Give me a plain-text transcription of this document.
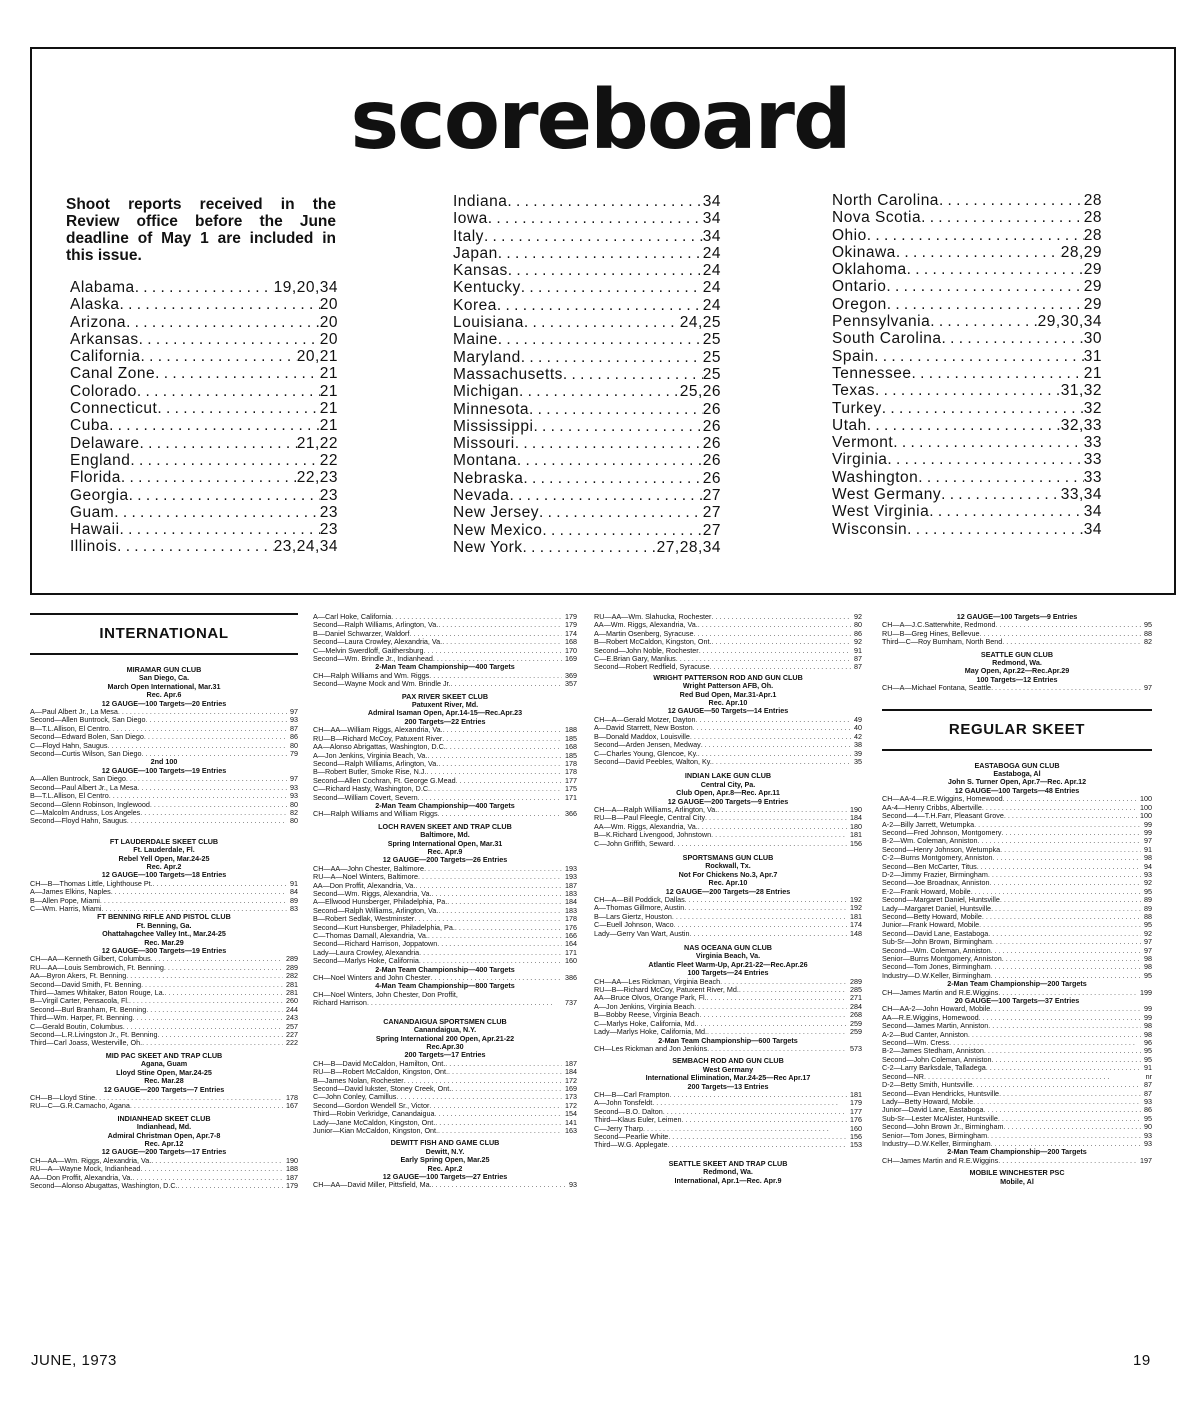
scoreboard
Shoot reports received in the Review office before the June deadline of May 1 are included in this issue.
Alabama . . .	19,20,34
Alaska . . .	20
Arizona . . .	20
Arkansas . . .	20
California . . .	20,21
Canal Zone . . .	21
Colorado . . .	21
Connecticut . . .	21
Cuba . . .	21
Delaware . . .	21,22
England . . .	22
Florida . . .	22,23
Georgia . . .	23
Guam . . .	23
Hawaii . . .	23
Illinois . . .	23,24,34
Indiana . . .	34
Iowa . . .	34
Italy . . .	34
Japan . . .	24
Kansas . . .	24
Kentucky . . .	24
Korea . . .	24
Louisiana . . .	24,25
Maine . . .	25
Maryland . . .	25
Massachusetts . . .	25
Michigan . . .	25,26
Minnesota . . .	26
Mississippi . . .	26
Missouri . . .	26
Montana . . .	26
Nebraska . . .	26
Nevada . . .	27
New Jersey . . .	27
New Mexico . . .	27
New York . . .	27,28,34
North Carolina . . .	28
Nova Scotia . . .	28
Ohio . . .	28
Okinawa . . .	28,29
Oklahoma . . .	29
Ontario . . .	29
Oregon . . .	29
Pennsylvania . . .	29,30,34
South Carolina . . .	30
Spain . . .	31
Tennessee . . .	21
Texas . . .	31,32
Turkey . . .	32
Utah . . .	32,33
Vermont . . .	33
Virginia . . .	33
Washington . . .	33
West Germany . . .	33,34
West Virginia . . .	34
Wisconsin . . .	34
INTERNATIONAL
MIRAMAR GUN CLUB
San Diego, Ca.
March Open International, Mar.31
Rec. Apr.6
12 GAUGE—100 Targets—20 Entries
A—Paul Albert Jr., La Mesa . . .	97
Second—Allen Buntrock, San Diego . . .	93
B—T.L.Allison, El Centro . . .	87
Second—Edward Bolen, San Diego . . .	86
C—Floyd Hahn, Saugus . . .	80
Second—Curtis Wilson, San Diego . . .	79
2nd 100
12 GAUGE—100 Targets—19 Entries
A—Allen Buntrock, San Diego . . .	97
Second—Paul Albert Jr., La Mesa . . .	93
B—T.L.Allison, El Centro . . .	93
Second—Glenn Robinson, Inglewood . . .	80
C—Malcolm Andruss, Los Angeles . . .	82
Second—Floyd Hahn, Saugus . . .	80
FT LAUDERDALE SKEET CLUB
Ft. Lauderdale, Fl.
Rebel Yell Open, Mar.24-25
Rec. Apr.2
12 GAUGE—100 Targets—18 Entries
CH—B—Thomas Little, Lighthouse Pt. . . .	91
A—James Elkins, Naples . . .	84
B—Allen Pope, Miami . . .	89
C—Wm. Harris, Miami . . .	83
FT BENNING RIFLE AND PISTOL CLUB
Ft. Benning, Ga.
Ohattahagchee Valley Int., Mar.24-25
Rec. Mar.29
12 GAUGE—300 Targets—19 Entries
CH—AA—Kenneth Gilbert, Columbus . . .	289
RU—AA—Louis Sembrowich, Ft. Benning . . .	289
AA—Byron Akers, Ft. Benning . . .	282
Second—David Smith, Ft. Benning . . .	281
Third—James Whitaker, Baton Rouge, La. . . .	281
B—Virgil Carter, Pensacola, Fl. . . .	260
Second—Burl Branham, Ft. Benning . . .	244
Third—Wm. Harper, Ft. Benning . . .	243
C—Gerald Boutin, Columbus . . .	257
Second—L.R.Livingston Jr., Ft. Benning . . .	227
Third—Carl Joass, Westerville, Oh. . . .	222
MID PAC SKEET AND TRAP CLUB
Agana, Guam
Lloyd Stine Open, Mar.24-25
Rec. Mar.28
12 GAUGE—200 Targets—7 Entries
CH—B—Lloyd Stine . . .	178
RU—C—G.R.Camacho, Agana . . .	167
INDIANHEAD SKEET CLUB
Indianhead, Md.
Admiral Christman Open, Apr.7-8
Rec. Apr.12
12 GAUGE—200 Targets—17 Entries
CH—AA—Wm. Riggs, Alexandria, Va. . . .	190
RU—A—Wayne Mock, Indianhead . . .	188
AA—Don Proffit, Alexandria, Va. . . .	187
Second—Alonso Abugattas, Washington, D.C. . . .	179
A—Carl Hoke, California . . .	179
Second—Ralph Williams, Arlington, Va. . . .	179
B—Daniel Schwarzer, Waldorf . . .	174
Second—Laura Crowley, Alexandria, Va. . . .	168
C—Melvin Swerdloff, Gaithersburg . . .	170
Second—Wm. Brindle Jr., Indianhead . . .	169
2-Man Team Championship—400 Targets
CH—Ralph Williams and Wm. Riggs . . .	369
Second—Wayne Mock and Wm. Brindle Jr. . . .	357
PAX RIVER SKEET CLUB
Patuxent River, Md.
Admiral Isaman Open, Apr.14-15—Rec.Apr.23
200 Targets—22 Entries
CH—AA—William Riggs, Alexandria, Va. . . .	188
RU—B—Richard McCoy, Patuxent River . . .	185
AA—Alonso Abrigattas, Washington, D.C. . . .	168
A—Jon Jenkins, Virginia Beach, Va. . . .	185
Second—Ralph Williams, Arlington, Va. . . .	178
B—Robert Butler, Smoke Rise, N.J. . . .	178
Second—Allen Cochran, Ft. George G.Mead . . .	177
C—Richard Hasty, Washington, D.C. . . .	175
Second—William Covert, Severn . . .	171
2-Man Team Championship—400 Targets
CH—Ralph Williams and William Riggs . . .	366
LOCH RAVEN SKEET AND TRAP CLUB
Baltimore, Md.
Spring International Open, Mar.31
Rec. Apr.9
12 GAUGE—200 Targets—26 Entries
CH—AA—John Chester, Baltimore . . .	193
RU—A—Noel Winters, Baltimore . . .	193
AA—Don Proffit, Alexandria, Va. . . .	187
Second—Wm. Riggs, Alexandria, Va. . . .	183
A—Ellwood Hunsberger, Philadelphia, Pa. . . .	184
Second—Ralph Williams, Arlington, Va. . . .	183
B—Robert Sedlak, Westminster . . .	178
Second—Kurt Hunsberger, Philadelphia, Pa. . . .	176
C—Thomas Darnall, Alexandria, Va. . . .	166
Second—Richard Harrison, Joppatown . . .	164
Lady—Laura Crowley, Alexandria . . .	171
Second—Marlys Hoke, California . . .	160
2-Man Team Championship—400 Targets
CH—Noel Winters and John Chester . . .	386
4-Man Team Championship—800 Targets
CH—Noel Winters, John Chester, Don Proffit,
Richard Harrison . . .	737
CANANDAIGUA SPORTSMEN CLUB
Canandaigua, N.Y.
Spring International 200 Open, Apr.21-22
Rec.Apr.30
200 Targets—17 Entries
CH—B—David McCaldon, Hamilton, Ont. . . .	187
RU—B—Robert McCaldon, Kingston, Ont. . . .	184
B—James Nolan, Rochester . . .	172
Second—David Iukster, Stoney Creek, Ont. . . .	169
C—John Conley, Camillus . . .	173
Second—Gordon Wendell Sr., Victor . . .	172
Third—Robin Verkridge, Canandaigua . . .	154
Lady—Jane McCaldon, Kingston, Ont. . . .	141
Junior—Kian McCaldon, Kingston, Ont. . . .	163
DEWITT FISH AND GAME CLUB
Dewitt, N.Y.
Early Spring Open, Mar.25
Rec. Apr.2
12 GAUGE—100 Targets—27 Entries
CH—AA—David Miller, Pittsfield, Ma. . . .	93
RU—AA—Wm. Slahucka, Rochester . . .	92
AA—Wm. Riggs, Alexandria, Va. . . .	80
A—Martin Osenberg, Syracuse . . .	86
B—Robert McCaldon, Kingston, Ont. . . .	92
Second—John Noble, Rochester . . .	91
C—E.Brian Gary, Manlius . . .	87
Second—Robert Redfield, Syracuse . . .	87
WRIGHT PATTERSON ROD AND GUN CLUB
Wright Patterson AFB, Oh.
Red Bud Open, Mar.31-Apr.1
Rec. Apr.10
12 GAUGE—50 Targets—14 Entries
CH—A—Gerald Motzer, Dayton . . .	49
A—David Starrett, New Boston . . .	40
B—Donald Maddox, Louisville . . .	42
Second—Arden Jensen, Medway . . .	38
C—Charles Young, Glencoe, Ky. . . .	39
Second—David Peebles, Walton, Ky. . . .	35
INDIAN LAKE GUN CLUB
Central City, Pa.
Club Open, Apr.8—Rec. Apr.11
12 GAUGE—200 Targets—9 Entries
CH—A—Ralph Williams, Arlington, Va. . . .	190
RU—B—Paul Fleegle, Central City . . .	184
AA—Wm. Riggs, Alexandria, Va. . . .	180
B—K.Richard Livengood, Johnstown . . .	181
C—John Griffith, Seward . . .	156
SPORTSMANS GUN CLUB
Rockwall, Tx.
Not For Chickens No.3, Apr.7
Rec. Apr.10
12 GAUGE—200 Targets—28 Entries
CH—A—Bill Poddick, Dallas . . .	192
A—Thomas Gillmore, Austin . . .	192
B—Lars Giertz, Houston . . .	181
C—Euell Johnson, Waco . . .	174
Lady—Gerry Van Wart, Austin . . .	148
NAS OCEANA GUN CLUB
Virginia Beach, Va.
Atlantic Fleet Warm-Up, Apr.21-22—Rec.Apr.26
100 Targets—24 Entries
CH—AA—Les Rickman, Virginia Beach . . .	289
RU—B—Richard McCoy, Patuxent River, Md. . . .	285
AA—Bruce Olvos, Orange Park, Fl. . . .	271
A—Jon Jenkins, Virginia Beach . . .	284
B—Bobby Reese, Virginia Beach . . .	268
C—Marlys Hoke, California, Md. . . .	259
Lady—Marlys Hoke, California, Md. . . .	259
2-Man Team Championship—600 Targets
CH—Les Rickman and Jon Jenkins . . .	573
SEMBACH ROD AND GUN CLUB
West Germany
International Elimination, Mar.24-25—Rec Apr.17
200 Targets—13 Entries
CH—B—Carl Frampton . . .	181
A—John Tonsfeldt . . .	179
Second—B.O. Dalton . . .	177
Third—Klaus Euler, Leimen . . .	176
C—Jerry Tharp . . .	160
Second—Pearlie White . . .	156
Third—W.G. Applegate . . .	153
SEATTLE SKEET AND TRAP CLUB
Redmond, Wa.
International, Apr.1—Rec. Apr.9
12 GAUGE—100 Targets—9 Entries
CH—A—J.C.Satterwhite, Redmond . . .	95
RU—B—Greg Hines, Bellevue . . .	88
Third—C—Roy Burnham, North Bend . . .	82
SEATTLE GUN CLUB
Redmond, Wa.
May Open, Apr.22—Rec.Apr.29
100 Targets—12 Entries
CH—A—Michael Fontana, Seattle . . .	97
REGULAR SKEET
EASTABOGA GUN CLUB
Eastaboga, Al
John S. Turner Open, Apr.7—Rec. Apr.12
12 GAUGE—100 Targets—48 Entries
CH—AA-4—R.E.Wiggins, Homewood . . .	100
AA-4—Henry Cribbs, Albertville . . .	100
Second—4—T.H.Farr, Pleasant Grove . . .	100
A-2—Billy Jarrett, Wetumpka . . .	99
Second—Fred Johnson, Montgomery . . .	99
B-2—Wm. Coleman, Anniston . . .	97
Second—Henry Johnson, Wetumpka . . .	91
C-2—Burns Montgomery, Anniston . . .	98
Second—Ben McCarter, Titus . . .	94
D-2—Jimmy Frazier, Birmingham . . .	93
Second—Joe Broadnax, Anniston . . .	92
E-2—Frank Howard, Mobile . . .	95
Second—Margaret Daniel, Huntsville . . .	89
Lady—Margaret Daniel, Huntsville . . .	89
Second—Betty Howard, Mobile . . .	88
Junior—Frank Howard, Mobile . . .	95
Second—David Lane, Eastaboga . . .	92
Sub-Sr—John Brown, Birmingham . . .	97
Second—Wm. Coleman, Anniston . . .	97
Senior—Burns Montgomery, Anniston . . .	98
Second—Tom Jones, Birmingham . . .	98
Industry—D.W.Keller, Birmingham . . .	95
2-Man Team Championship—200 Targets
CH—James Martin and R.E.Wiggins . . .	199
20 GAUGE—100 Targets—37 Entries
CH—AA-2—John Howard, Mobile . . .	99
AA—R.E.Wiggins, Homewood . . .	99
Second—James Martin, Anniston . . .	98
A-2—Bud Canter, Anniston . . .	98
Second—Wm. Cress . . .	96
B-2—James Stedham, Anniston . . .	95
Second—John Coleman, Anniston . . .	95
C-2—Larry Barksdale, Talladega . . .	91
Second—NR . . .	nr
D-2—Betty Smith, Huntsville . . .	87
Second—Evan Hendricks, Huntsville . . .	87
Lady—Betty Howard, Mobile . . .	93
Junior—David Lane, Eastaboga . . .	86
Sub-Sr—Lester McAlister, Huntsville . . .	95
Second—John Brown Jr., Birmingham . . .	90
Senior—Tom Jones, Birmingham . . .	93
Industry—D.W.Keller, Birmingham . . .	93
2-Man Team Championship—200 Targets
CH—James Martin and R.E.Wiggins . . .	197
MOBILE WINCHESTER PSC
Mobile, Al
JUNE, 1973	19
